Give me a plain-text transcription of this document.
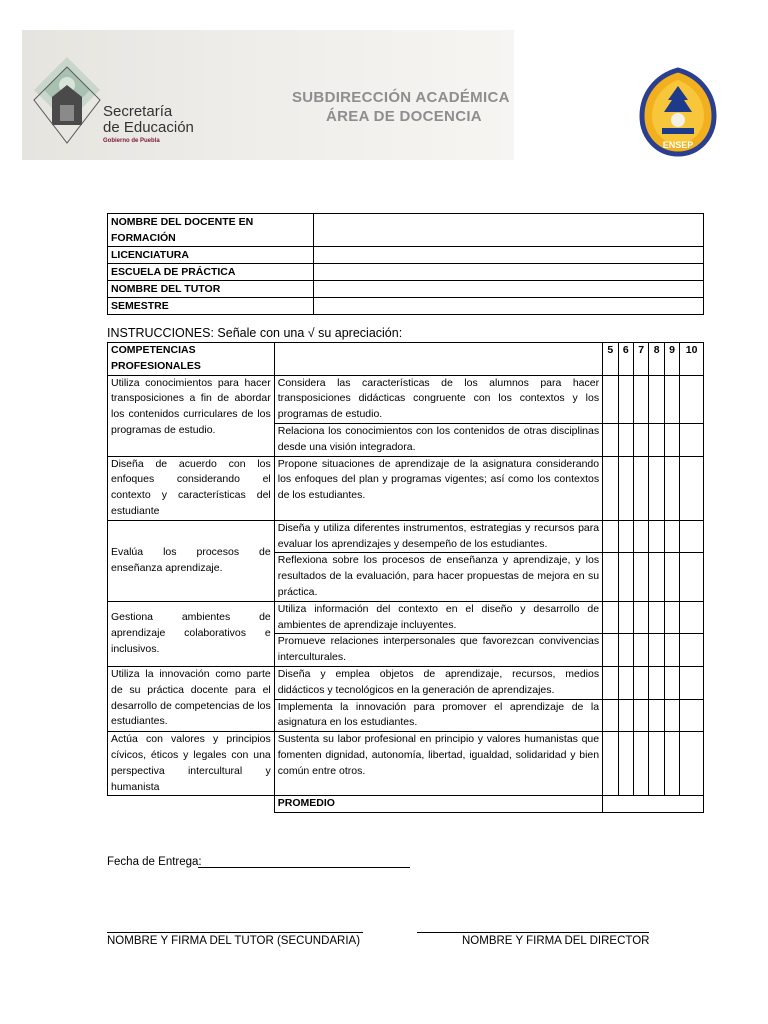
Secretaría
de Educación
Gobierno de Puebla
SUBDIRECCIÓN ACADÉMICA
ÁREA DE DOCENCIA
ENSEP
NOMBRE DEL DOCENTE EN FORMACIÓN	
LICENCIATURA	
ESCUELA DE PRÁCTICA	
NOMBRE DEL TUTOR	
SEMESTRE	
INSTRUCCIONES: Señale con una √ su apreciación:
COMPETENCIAS PROFESIONALES		5	6	7	8	9	10
Utiliza conocimientos para hacer transposiciones a fin de abordar los contenidos curriculares de los programas de estudio.	Considera las características de los alumnos para hacer transposiciones didácticas congruente con los contextos y los programas de estudio.						
	Relaciona los conocimientos con los contenidos de otras disciplinas desde una visión integradora.						
Diseña de acuerdo con los enfoques considerando el contexto y características del estudiante	Propone situaciones de aprendizaje de la asignatura considerando los enfoques del plan y programas vigentes; así como los contextos de los estudiantes.						
Evalúa los procesos de enseñanza aprendizaje.	Diseña y utiliza diferentes instrumentos, estrategias y recursos para evaluar los aprendizajes y desempeño de los estudiantes.						
	Reflexiona sobre los procesos de enseñanza y aprendizaje, y los resultados de la evaluación, para hacer propuestas de mejora en su práctica.						
Gestiona ambientes de aprendizaje colaborativos e inclusivos.	Utiliza información del contexto en el diseño y desarrollo de ambientes de aprendizaje incluyentes.						
	Promueve relaciones interpersonales que favorezcan convivencias interculturales.						
Utiliza la innovación como parte de su práctica docente para el desarrollo de competencias de los estudiantes.	Diseña y emplea objetos de aprendizaje, recursos, medios didácticos y tecnológicos en la generación de aprendizajes.						
	Implementa la innovación para promover el aprendizaje de la asignatura en los estudiantes.						
Actúa con valores y principios cívicos, éticos y legales con una perspectiva intercultural y humanista	Sustenta su labor profesional en principio y valores humanistas que fomenten dignidad, autonomía, libertad, igualdad, solidaridad y bien común entre otros.						
	PROMEDIO						
Fecha de Entrega:
NOMBRE Y FIRMA DEL TUTOR (SECUNDARIA)	NOMBRE Y FIRMA DEL DIRECTOR
